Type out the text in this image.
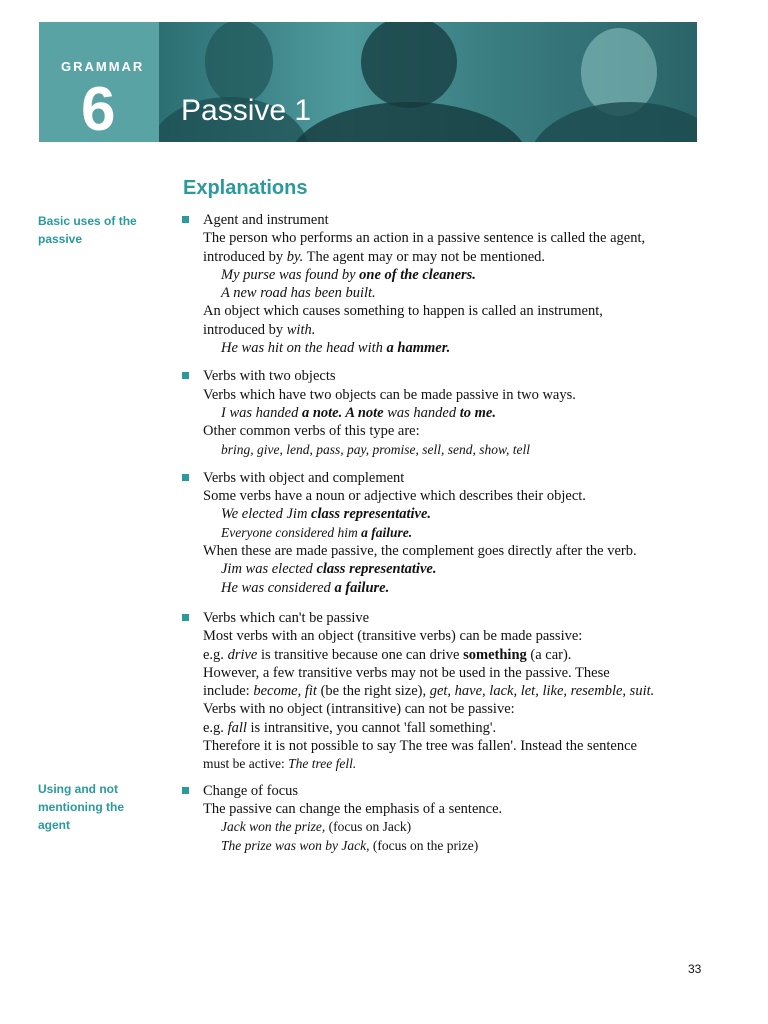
GRAMMAR
6 Passive 1
Explanations
Basic uses of the passive
Using and not mentioning the agent
Agent and instrument
The person who performs an action in a passive sentence is called the agent,
introduced by by. The agent may or may not be mentioned.
My purse was found by one of the cleaners.
A new road has been built.
An object which causes something to happen is called an instrument,
introduced by with.
He was hit on the head with a hammer.
Verbs with two objects
Verbs which have two objects can be made passive in two ways.
I was handed a note. A note was handed to me.
Other common verbs of this type are:
bring, give, lend, pass, pay, promise, sell, send, show, tell
Verbs with object and complement
Some verbs have a noun or adjective which describes their object.
We elected Jim class representative.
Everyone considered him a failure.
When these are made passive, the complement goes directly after the verb.
Jim was elected class representative.
He was considered a failure.
Verbs which can't be passive
Most verbs with an object (transitive verbs) can be made passive:
e.g. drive is transitive because one can drive something (a car).
However, a few transitive verbs may not be used in the passive. These
include: become, fit (be the right size), get, have, lack, let, like, resemble, suit.
Verbs with no object (intransitive) can not be passive:
e.g. fall is intransitive, you cannot 'fall something'.
Therefore it is not possible to say The tree was fallen'. Instead the sentence
must be active: The tree fell.
Change of focus
The passive can change the emphasis of a sentence.
Jack won the prize, (focus on Jack)
The prize was won by Jack, (focus on the prize)
33
